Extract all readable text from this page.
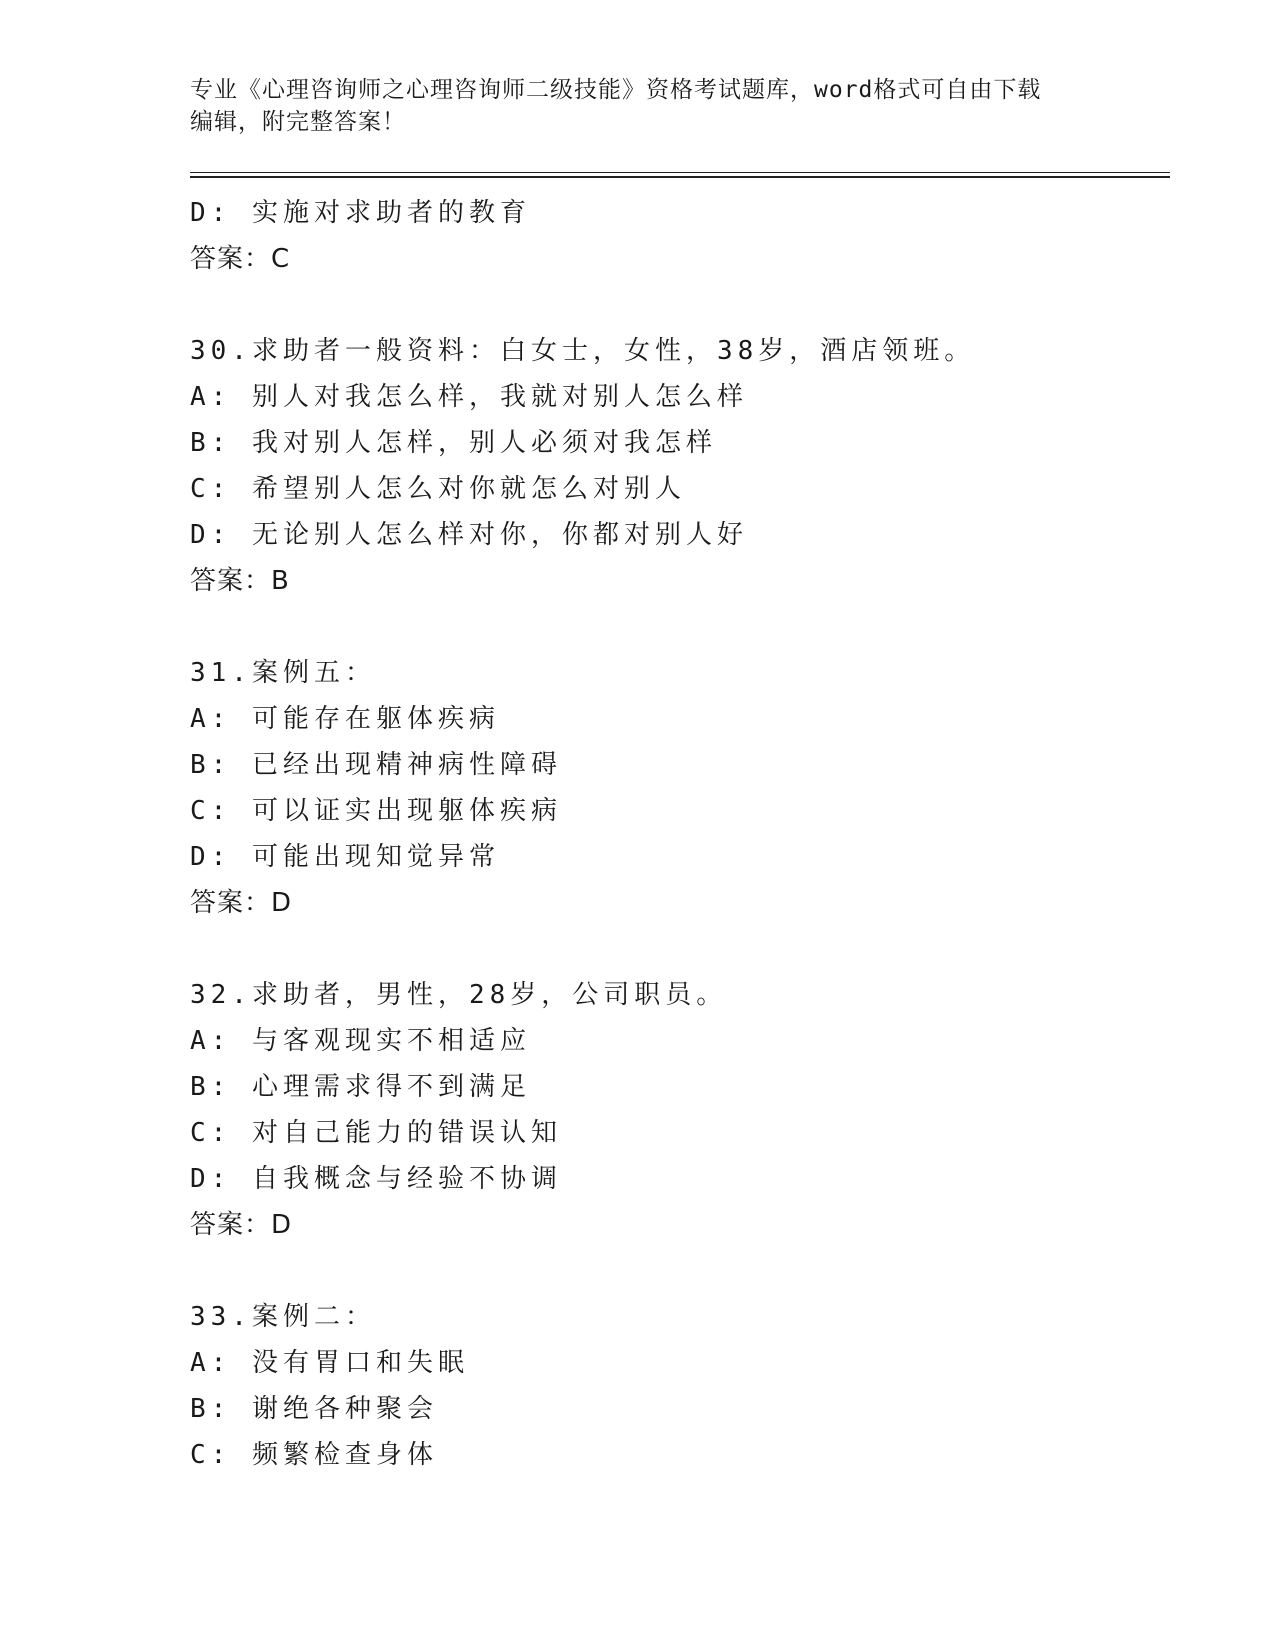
专业《心理咨询师之心理咨询师二级技能》资格考试题库，word格式可自由下载
编辑，附完整答案！
D: 实施对求助者的教育
答案：C
30.求助者一般资料：白女士，女性，38岁，酒店领班。
A: 别人对我怎么样，我就对别人怎么样
B: 我对别人怎样，别人必须对我怎样
C: 希望别人怎么对你就怎么对别人
D: 无论别人怎么样对你，你都对别人好
答案：B
31.案例五：
A: 可能存在躯体疾病
B: 已经出现精神病性障碍
C: 可以证实出现躯体疾病
D: 可能出现知觉异常
答案：D
32.求助者，男性，28岁，公司职员。
A: 与客观现实不相适应
B: 心理需求得不到满足
C: 对自己能力的错误认知
D: 自我概念与经验不协调
答案：D
33.案例二：
A: 没有胃口和失眠
B: 谢绝各种聚会
C: 频繁检查身体
